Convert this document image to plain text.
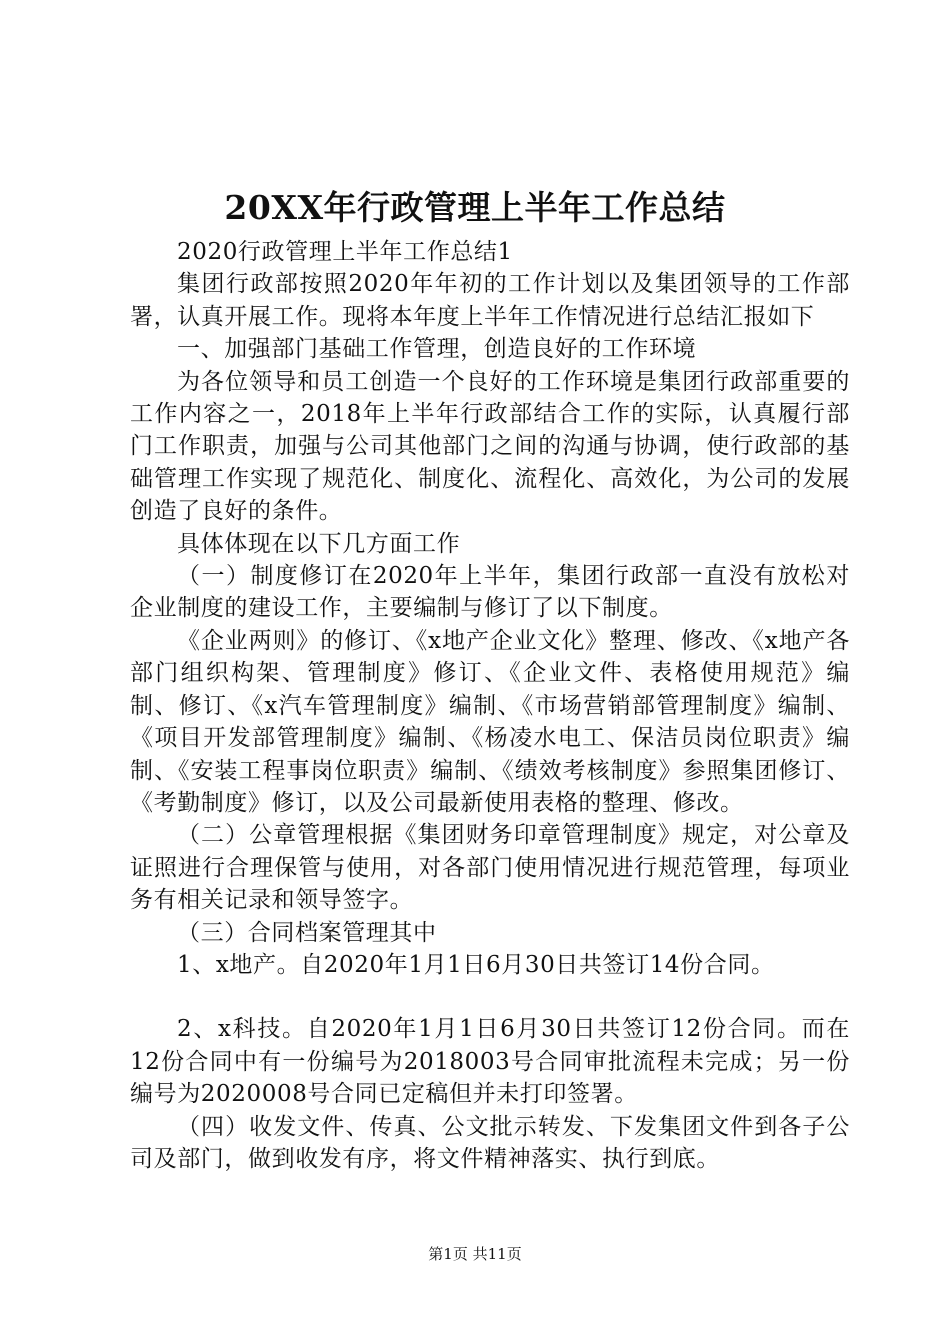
20XX年行政管理上半年工作总结

2020行政管理上半年工作总结1

集团行政部按照2020年年初的工作计划以及集团领导的工作部署，认真开展工作。现将本年度上半年工作情况进行总结汇报如下

一、加强部门基础工作管理，创造良好的工作环境

为各位领导和员工创造一个良好的工作环境是集团行政部重要的工作内容之一，2018年上半年行政部结合工作的实际，认真履行部门工作职责，加强与公司其他部门之间的沟通与协调，使行政部的基础管理工作实现了规范化、制度化、流程化、高效化，为公司的发展创造了良好的条件。

具体体现在以下几方面工作

（一）制度修订在2020年上半年，集团行政部一直没有放松对企业制度的建设工作，主要编制与修订了以下制度。

《企业两则》的修订、《x地产企业文化》整理、修改、《x地产各部门组织构架、管理制度》修订、《企业文件、表格使用规范》编制、修订、《x汽车管理制度》编制、《市场营销部管理制度》编制、《项目开发部管理制度》编制、《杨凌水电工、保洁员岗位职责》编制、《安装工程事岗位职责》编制、《绩效考核制度》参照集团修订、《考勤制度》修订，以及公司最新使用表格的整理、修改。

（二）公章管理根据《集团财务印章管理制度》规定，对公章及证照进行合理保管与使用，对各部门使用情况进行规范管理，每项业务有相关记录和领导签字。

（三）合同档案管理其中

1、x地产。自2020年1月1日6月30日共签订14份合同。

2、x科技。自2020年1月1日6月30日共签订12份合同。而在12份合同中有一份编号为2018003号合同审批流程未完成；另一份编号为2020008号合同已定稿但并未打印签署。

（四）收发文件、传真、公文批示转发、下发集团文件到各子公司及部门，做到收发有序，将文件精神落实、执行到底。

第1页 共11页
